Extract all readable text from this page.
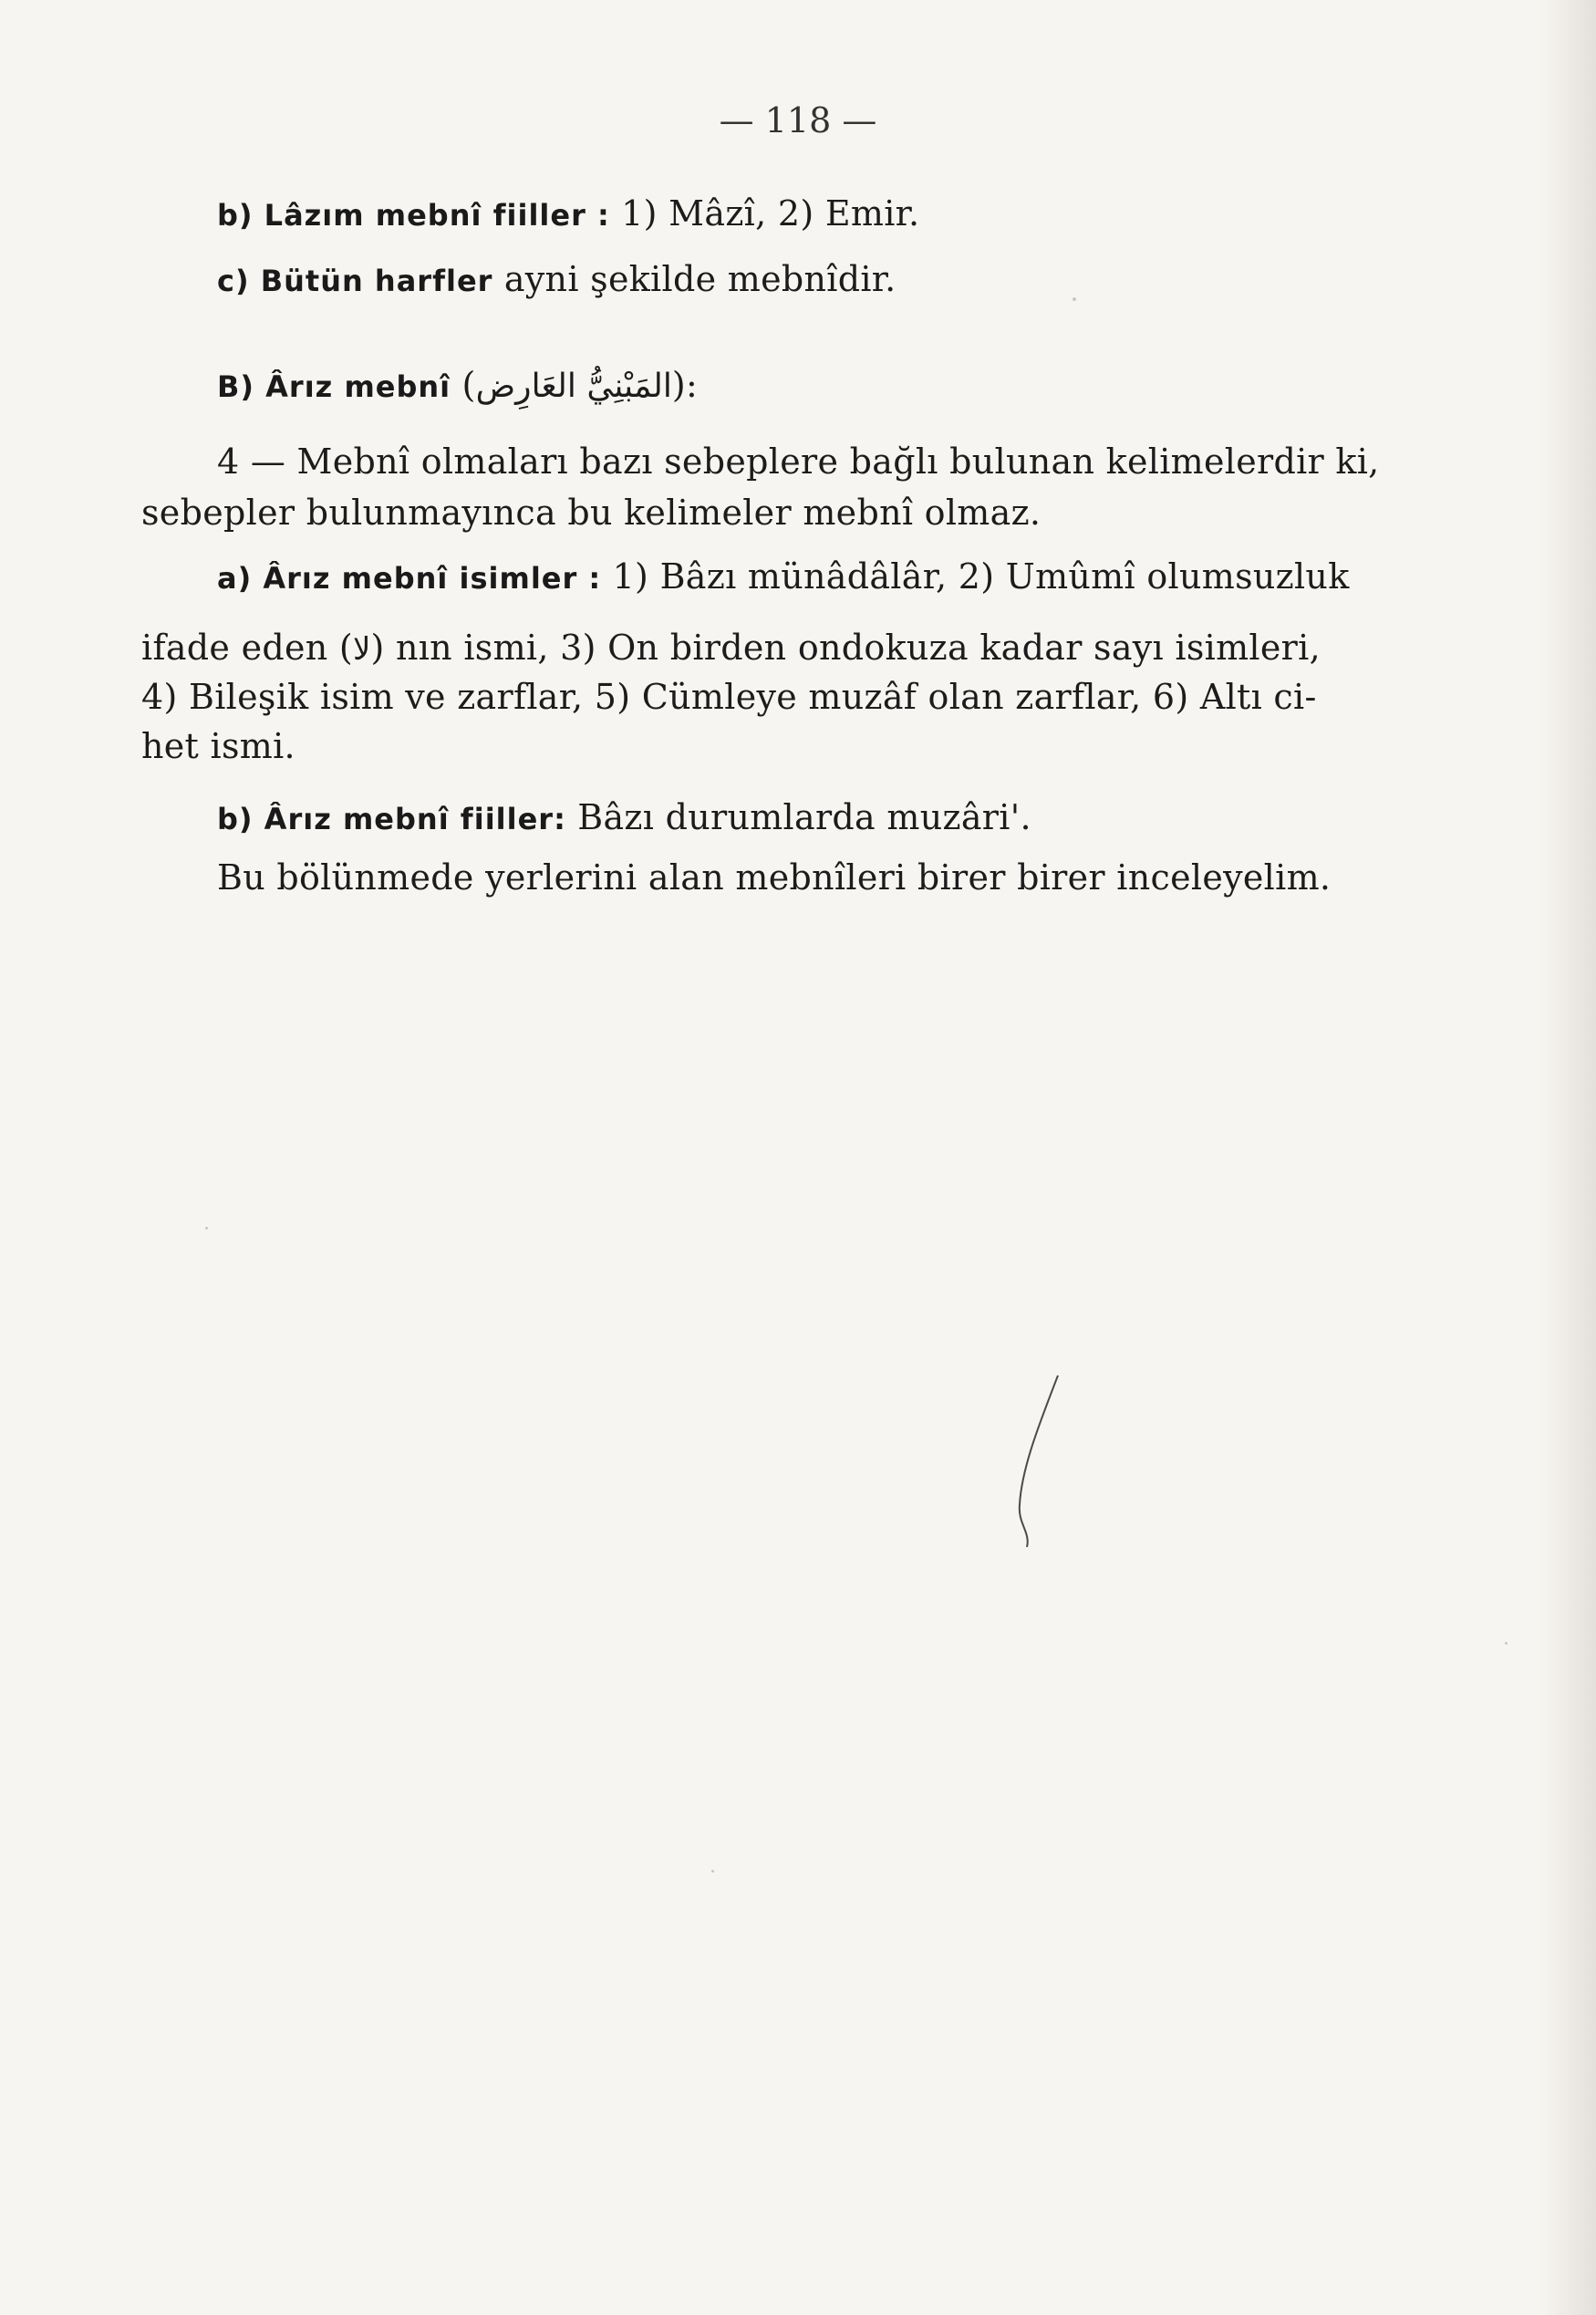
— 118 —
b) Lâzım mebnî fiiller : 1) Mâzî, 2) Emir.
c) Bütün harfler ayni şekilde mebnîdir.
B) Ârız mebnî (المَبْنِيُّ العَارِض):
4 — Mebnî olmaları bazı sebeplere bağlı bulunan kelimelerdir ki,
sebepler bulunmayınca bu kelimeler mebnî olmaz.
a) Ârız mebnî isimler : 1) Bâzı münâdâlâr, 2) Umûmî olumsuzluk
ifade eden (لا) nın ismi, 3) On birden ondokuza kadar sayı isimleri,
4) Bileşik isim ve zarflar, 5) Cümleye muzâf olan zarflar, 6) Altı ci-
het ismi.
b) Ârız mebnî fiiller: Bâzı durumlarda muzâri'.
Bu bölünmede yerlerini alan mebnîleri birer birer inceleyelim.
